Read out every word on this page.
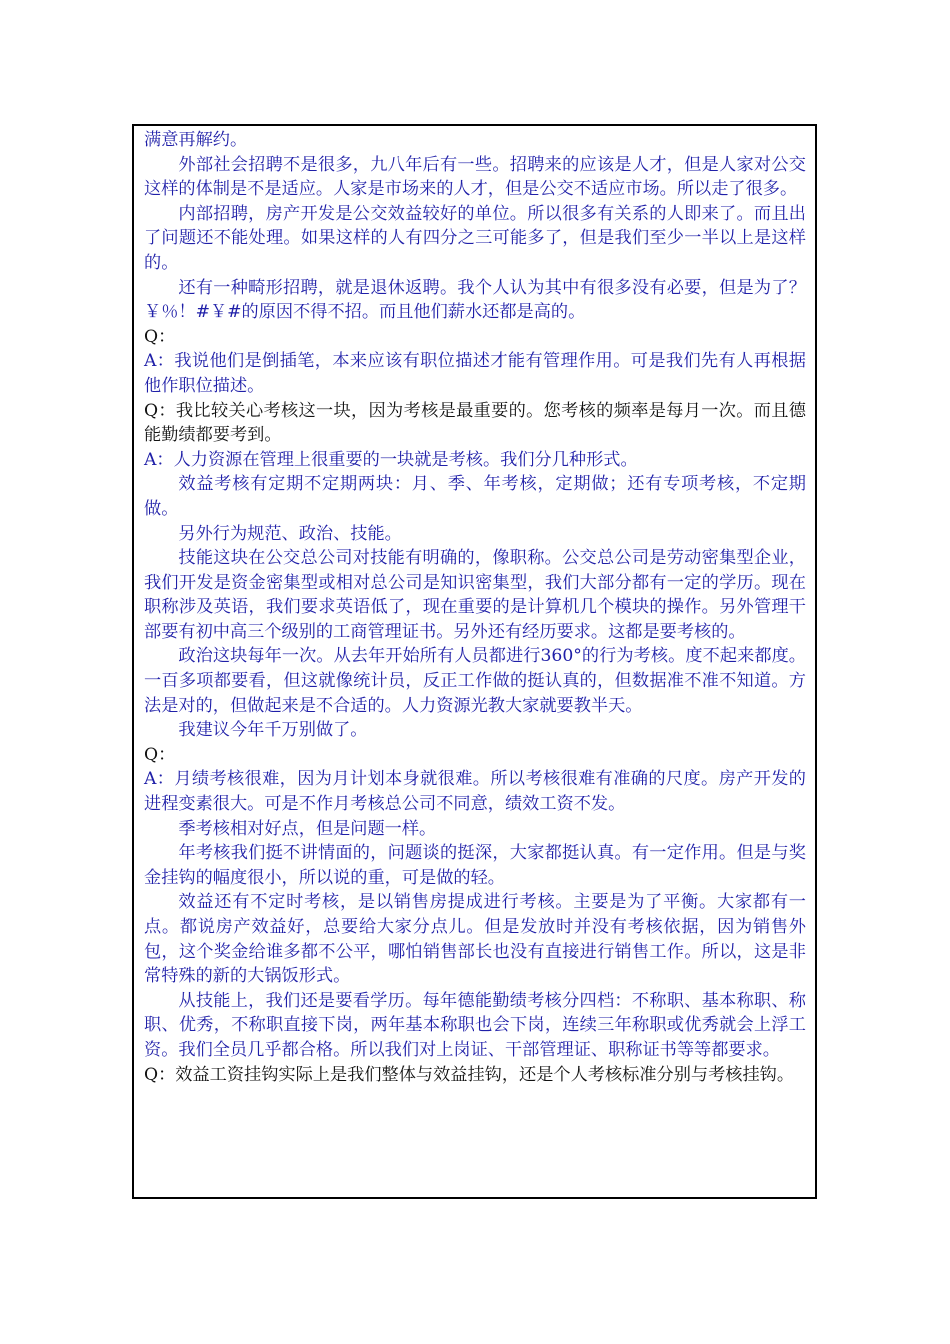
满意再解约。

外部社会招聘不是很多，九八年后有一些。招聘来的应该是人才，但是人家对公交这样的体制是不是适应。人家是市场来的人才，但是公交不适应市场。所以走了很多。

内部招聘，房产开发是公交效益较好的单位。所以很多有关系的人即来了。而且出了问题还不能处理。如果这样的人有四分之三可能多了，但是我们至少一半以上是这样的。

还有一种畸形招聘，就是退休返聘。我个人认为其中有很多没有必要，但是为了？￥％！#￥#的原因不得不招。而且他们薪水还都是高的。

Q：

A：我说他们是倒插笔，本来应该有职位描述才能有管理作用。可是我们先有人再根据他作职位描述。

Q：我比较关心考核这一块，因为考核是最重要的。您考核的频率是每月一次。而且德能勤绩都要考到。

A：人力资源在管理上很重要的一块就是考核。我们分几种形式。

效益考核有定期不定期两块：月、季、年考核，定期做；还有专项考核，不定期做。

另外行为规范、政治、技能。

技能这块在公交总公司对技能有明确的，像职称。公交总公司是劳动密集型企业，我们开发是资金密集型或相对总公司是知识密集型，我们大部分都有一定的学历。现在职称涉及英语，我们要求英语低了，现在重要的是计算机几个模块的操作。另外管理干部要有初中高三个级别的工商管理证书。另外还有经历要求。这都是要考核的。

政治这块每年一次。从去年开始所有人员都进行360°的行为考核。度不起来都度。一百多项都要看，但这就像统计员，反正工作做的挺认真的，但数据准不准不知道。方法是对的，但做起来是不合适的。人力资源光教大家就要教半天。

我建议今年千万别做了。

Q：

A：月绩考核很难，因为月计划本身就很难。所以考核很难有准确的尺度。房产开发的进程变素很大。可是不作月考核总公司不同意，绩效工资不发。

季考核相对好点，但是问题一样。

年考核我们挺不讲情面的，问题谈的挺深，大家都挺认真。有一定作用。但是与奖金挂钩的幅度很小，所以说的重，可是做的轻。

效益还有不定时考核，是以销售房提成进行考核。主要是为了平衡。大家都有一点。都说房产效益好，总要给大家分点儿。但是发放时并没有考核依据，因为销售外包，这个奖金给谁多都不公平，哪怕销售部长也没有直接进行销售工作。所以，这是非常特殊的新的大锅饭形式。

从技能上，我们还是要看学历。每年德能勤绩考核分四档：不称职、基本称职、称职、优秀，不称职直接下岗，两年基本称职也会下岗，连续三年称职或优秀就会上浮工资。我们全员几乎都合格。所以我们对上岗证、干部管理证、职称证书等等都要求。

Q：效益工资挂钩实际上是我们整体与效益挂钩，还是个人考核标准分别与考核挂钩。
